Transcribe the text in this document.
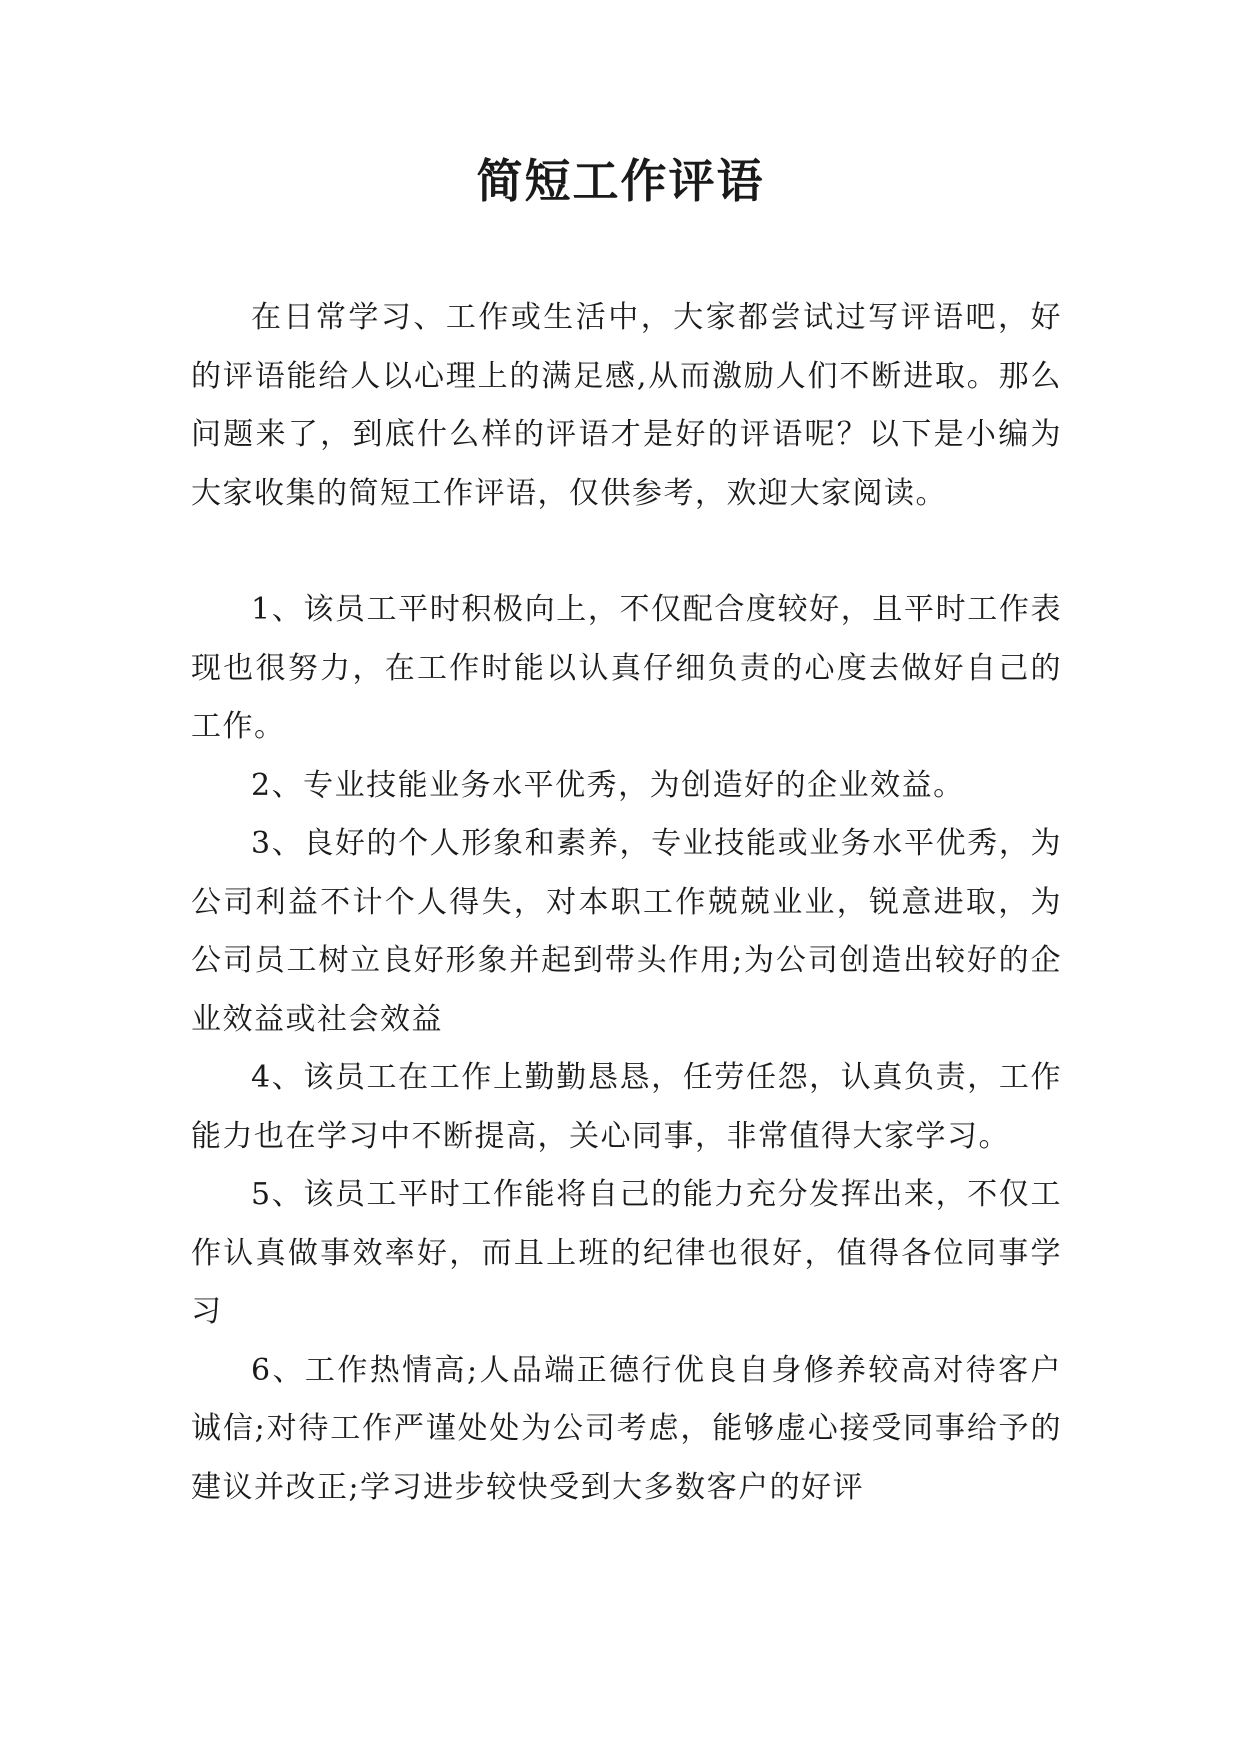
简短工作评语

在日常学习、工作或生活中，大家都尝试过写评语吧，好的评语能给人以心理上的满足感,从而激励人们不断进取。那么问题来了，到底什么样的评语才是好的评语呢？以下是小编为大家收集的简短工作评语，仅供参考，欢迎大家阅读。

1、该员工平时积极向上，不仅配合度较好，且平时工作表现也很努力，在工作时能以认真仔细负责的心度去做好自己的工作。

2、专业技能业务水平优秀，为创造好的企业效益。

3、良好的个人形象和素养，专业技能或业务水平优秀，为公司利益不计个人得失，对本职工作兢兢业业，锐意进取，为公司员工树立良好形象并起到带头作用;为公司创造出较好的企业效益或社会效益

4、该员工在工作上勤勤恳恳，任劳任怨，认真负责，工作能力也在学习中不断提高，关心同事，非常值得大家学习。

5、该员工平时工作能将自己的能力充分发挥出来，不仅工作认真做事效率好，而且上班的纪律也很好，值得各位同事学习

6、工作热情高;人品端正德行优良自身修养较高对待客户诚信;对待工作严谨处处为公司考虑，能够虚心接受同事给予的建议并改正;学习进步较快受到大多数客户的好评
